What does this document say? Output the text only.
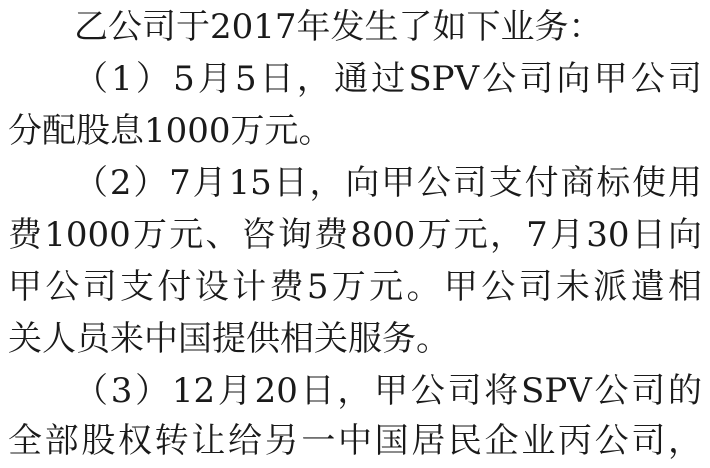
乙公司于2017年发生了如下业务：
（1）5月5日，通过SPV公司向甲公司
分配股息1000万元。
（2）7月15日，向甲公司支付商标使用
费1000万元、咨询费800万元，7月30日向
甲公司支付设计费5万元。甲公司未派遣相
关人员来中国提供相关服务。
（3）12月20日，甲公司将SPV公司的
全部股权转让给另一中国居民企业丙公司，
